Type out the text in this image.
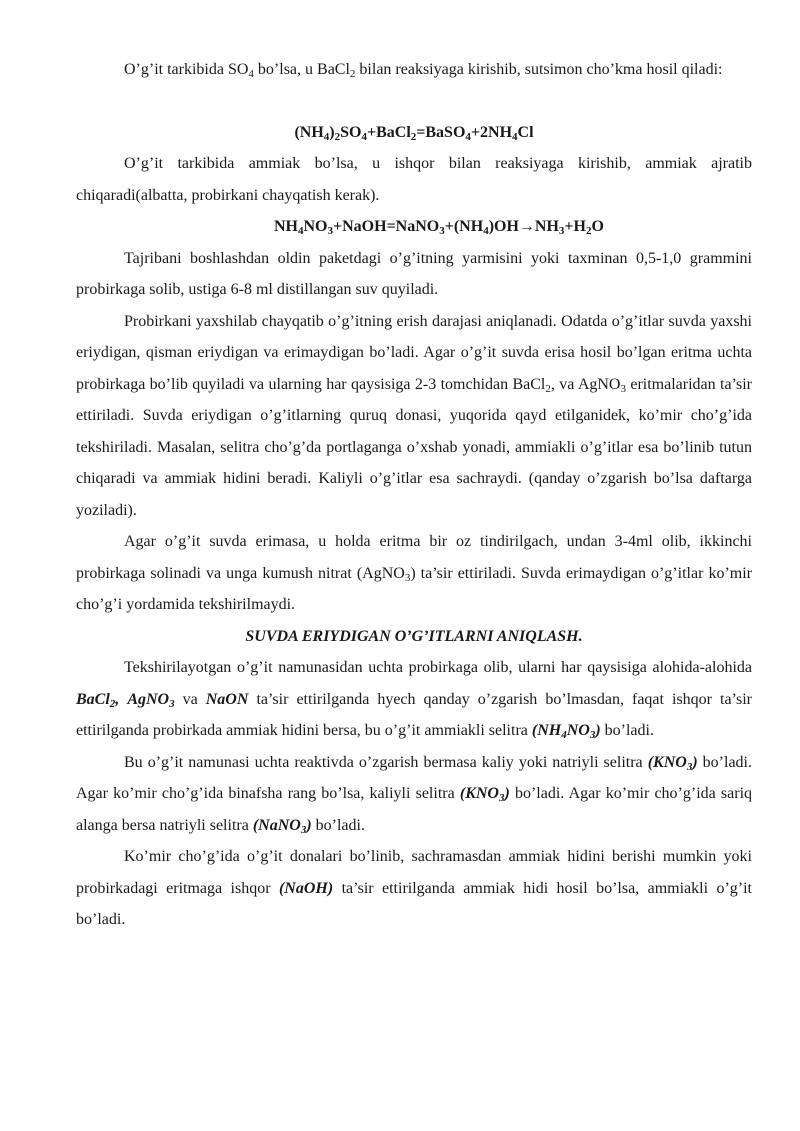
O’g’it tarkibida $SO_4$ bo’lsa, u BaCl$_2$ bilan reaksiyaga kirishib, sutsimon cho’kma hosil qiladi:

$(NH_4)_2SO_4+BaCl_2=BaSO_4+2NH_4Cl$

O’g’it tarkibida ammiak bo’lsa, u ishqor bilan reaksiyaga kirishib, ammiak ajratib chiqaradi(albatta, probirkani chayqatish kerak).

$NH_4NO_3+NaOH=NaNO_3+(NH_4)OH\to NH_3+H_2O$

Tajribani boshlashdan oldin paketdagi o’g’itning yarmisini yoki taxminan 0,5-1,0 grammini probirkaga solib, ustiga 6-8 ml distillangan suv quyiladi.

Probirkani yaxshilab chayqatib o’g’itning erish darajasi aniqlanadi. Odatda o’g’itlar suvda yaxshi eriydigan, qisman eriydigan va erimaydigan bo’ladi. Agar o’g’it suvda erisa hosil bo’lgan eritma uchta probirkaga bo’lib quyiladi va ularning har qaysisiga 2-3 tomchidan BaCl$_2$, va AgNO$_3$ eritmalaridan ta’sir ettiriladi. Suvda eriydigan o’g’itlarning quruq donasi, yuqorida qayd etilganidek, ko’mir cho’g’ida tekshiriladi. Masalan, selitra cho’g’da portlaganga o’xshab yonadi, ammiakli o’g’itlar esa bo’linib tutun chiqaradi va ammiak hidini beradi. Kaliyli o’g’itlar esa sachraydi. (qanday o’zgarish bo’lsa daftarga yoziladi).

Agar o’g’it suvda erimasa, u holda eritma bir oz tindirilgach, undan 3-4ml olib, ikkinchi probirkaga solinadi va unga kumush nitrat (AgNO$_3$) ta’sir ettiriladi. Suvda erimaydigan o’g’itlar ko’mir cho’g’i yordamida tekshirilmaydi.

SUVDA ERIYDIGAN O’G’ITLARNI ANIQLASH.

Tekshirilayotgan o’g’it namunasidan uchta probirkaga olib, ularni har qaysisiga alohida-alohida BaCl$_2$, AgNO$_3$ va NaON ta’sir ettirilganda hyech qanday o’zgarish bo’lmasdan, faqat ishqor ta’sir ettirilganda probirkada ammiak hidini bersa, bu o’g’it ammiakli selitra $(NH_4NO_3)$ bo’ladi.

Bu o’g’it namunasi uchta reaktivda o’zgarish bermasa kaliy yoki natriyli selitra $(KNO_3)$ bo’ladi. Agar ko’mir cho’g’ida binafsha rang bo’lsa, kaliyli selitra $(KNO_3)$ bo’ladi. Agar ko’mir cho’g’ida sariq alanga bersa natriyli selitra (NaNO$_3$) bo’ladi.

Ko’mir cho’g’ida o’g’it donalari bo’linib, sachramasdan ammiak hidini berishi mumkin yoki probirkadagi eritmaga ishqor (NaOH) ta’sir ettirilganda ammiak hidi hosil bo’lsa, ammiakli o’g’it bo’ladi.
